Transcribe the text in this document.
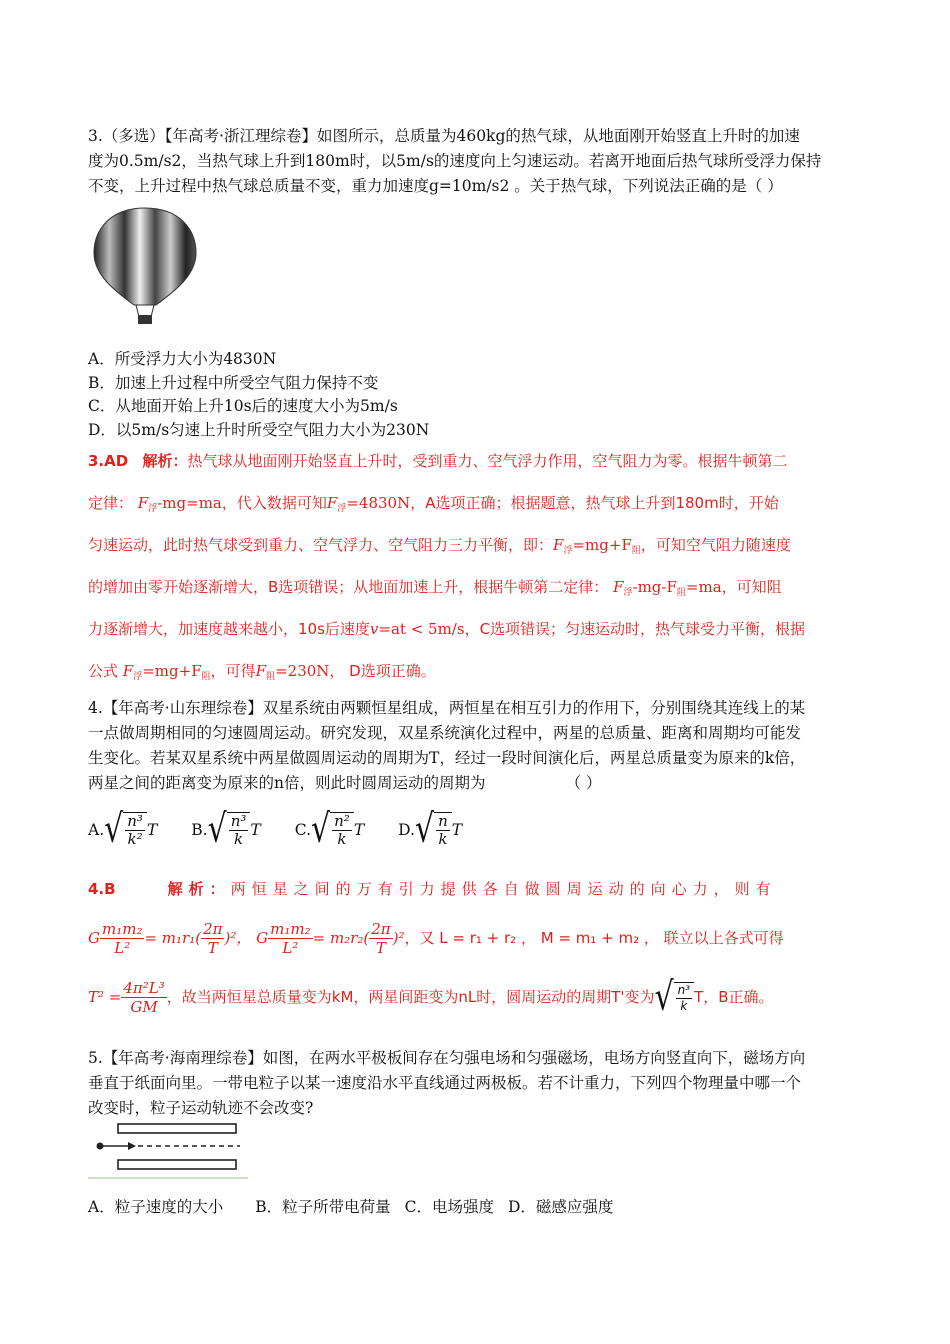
3.（多选）【年高考·浙江理综卷】如图所示，总质量为460kg的热气球，从地面刚开始竖直上升时的加速

度为0.5m/s2，当热气球上升到180m时，以5m/s的速度向上匀速运动。若离开地面后热气球所受浮力保持

不变，上升过程中热气球总质量不变，重力加速度g=10m/s2 。关于热气球，下列说法正确的是（ ）

A．所受浮力大小为4830N

B．加速上升过程中所受空气阻力保持不变

C．从地面开始上升10s后的速度大小为5m/s

D．以5m/s匀速上升时所受空气阻力大小为230N

3.AD 解析：热气球从地面刚开始竖直上升时，受到重力、空气浮力作用，空气阻力为零。根据牛顿第二
定律： $F_浮-mg=ma$，代入数据可知$F_浮=4830N$，A选项正确；根据题意，热气球上升到180m时，开始
匀速运动，此时热气球受到重力、空气浮力、空气阻力三力平衡，即：$F_浮=mg+F_阻$，可知空气阻力随速度
的增加由零开始逐渐增大，B选项错误；从地面加速上升，根据牛顿第二定律： $F_浮-mg-F_阻=ma$，可知阻
力逐渐增大，加速度越来越小，10s后速度v=at < 5m/s，C选项错误；匀速运动时，热气球受力平衡，根据
公式 $F_浮=mg+F_阻$，可得$F_阻=230N$， D选项正确。

4.【年高考·山东理综卷】双星系统由两颗恒星组成，两恒星在相互引力的作用下，分别围绕其连线上的某

一点做周期相同的匀速圆周运动。研究发现，双星系统演化过程中，两星的总质量、距离和周期均可能发

生变化。若某双星系统中两星做圆周运动的周期为T，经过一段时间演化后，两星总质量变为原来的k倍，

两星之间的距离变为原来的n倍，则此时圆周运动的周期为	（ ）

A. √ $\frac{\text{n³}}{\text{k²}}$ T B. √ $\frac{\text{n³}}{k}$ T C. √ $\frac{\text{n²}}{k}$ T D. √ $\frac{n}{k}$ T
4.B	解析：两恒星之间的万有引力提供各自做圆周运动的向心力，则有
G $\frac{\text{m₁m₂}}{\text{L²}} = m_1r_1( \frac{2\pi}{T} )^2$， G $\frac{\text{m₁m₂}}{\text{L²}} = m_2r_2( \frac{2\pi}{T} )^2$，又 L = r₁ + r₂ ， M = m₁ + m₂ ， 联立以上各式可得
$T^2 = \frac{\text{4π²L³}}{GM}$ ，故当两恒星总质量变为kM，两星间距变为nL时，圆周运动的周期T'变为 √ $\frac{\text{n³}}{k}$ T，B正确。

5.【年高考·海南理综卷】如图，在两水平极板间存在匀强电场和匀强磁场，电场方向竖直向下，磁场方向

垂直于纸面向里。一带电粒子以某一速度沿水平直线通过两极板。若不计重力，下列四个物理量中哪一个

改变时，粒子运动轨迹不会改变?

A．粒子速度的大小 B．粒子所带电荷量 C．电场强度 D．磁感应强度
